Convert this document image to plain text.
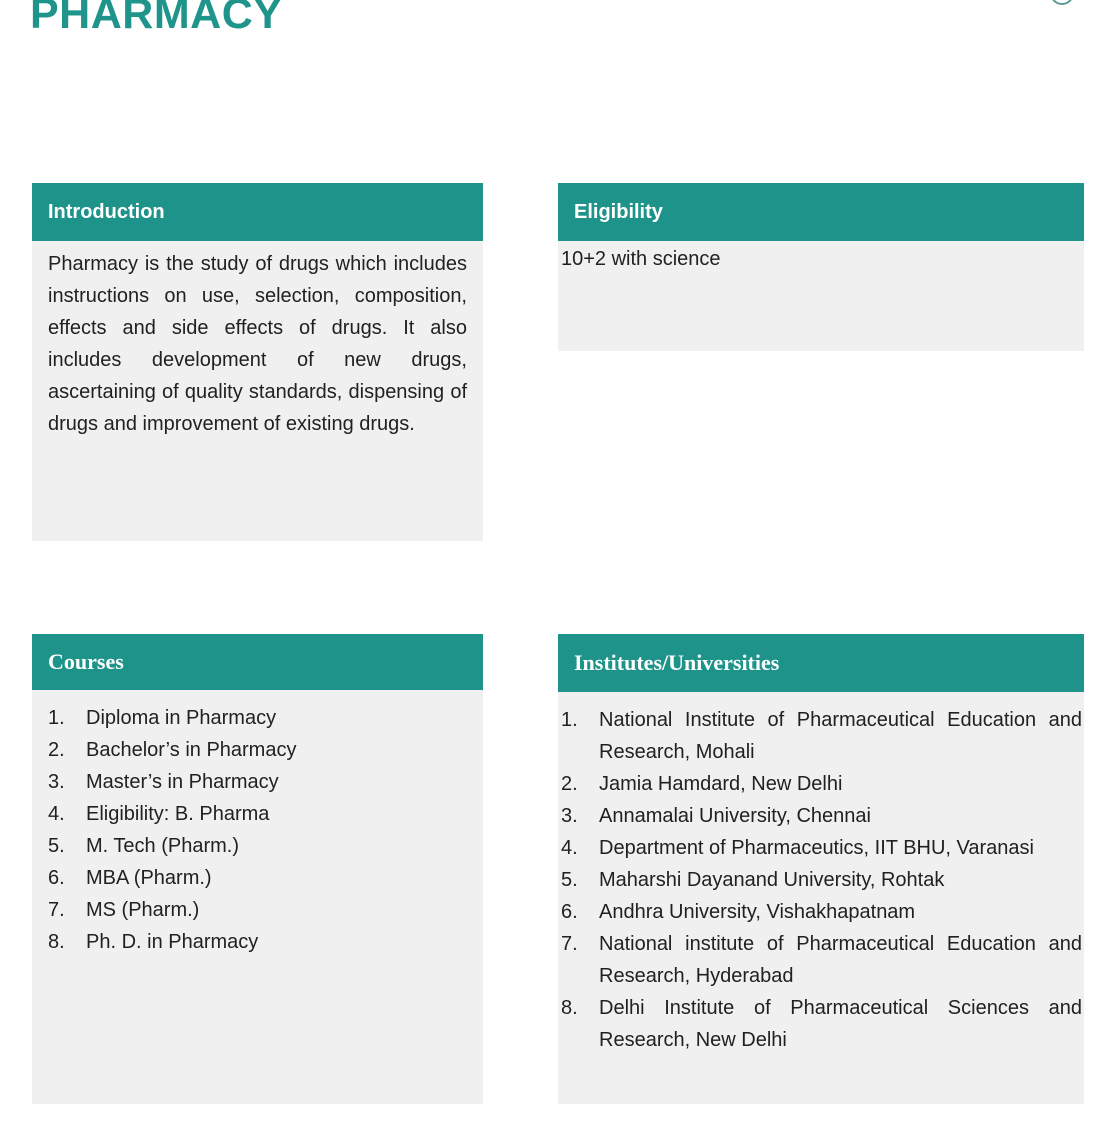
PHARMACY
Introduction

Pharmacy is the study of drugs which includes instructions on use, selection, composition, effects and side effects of drugs. It also includes development of new drugs, ascertaining of quality standards, dispensing of drugs and improvement of existing drugs.

Eligibility

10+2 with science

Courses
1.	Diploma in Pharmacy
2.	Bachelor’s in Pharmacy
3.	Master’s in Pharmacy
4.	Eligibility: B. Pharma
5.	M. Tech (Pharm.)
6.	MBA (Pharm.)
7.	MS (Pharm.)
8.	Ph. D. in Pharmacy
Institutes/Universities
1.	National Institute of Pharmaceutical Education and Research, Mohali
2.	Jamia Hamdard, New Delhi
3.	Annamalai University, Chennai
4.	Department of Pharmaceutics, IIT BHU, Varanasi
5.	Maharshi Dayanand University, Rohtak
6.	Andhra University, Vishakhapatnam
7.	National institute of Pharmaceutical Education and Research, Hyderabad
8.	Delhi Institute of Pharmaceutical Sciences and Research, New Delhi
